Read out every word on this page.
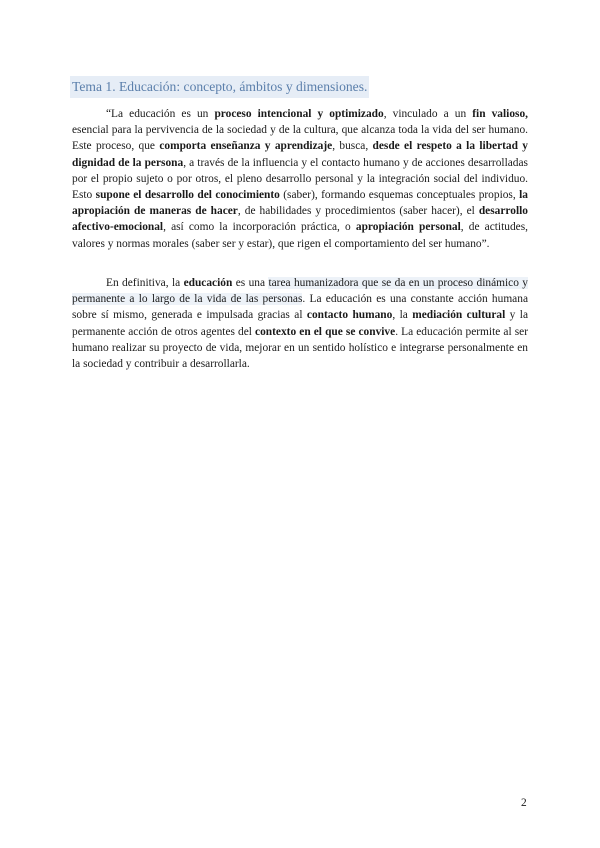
Tema 1. Educación: concepto, ámbitos y dimensiones.

“La educación es un proceso intencional y optimizado, vinculado a un fin valioso, esencial para la pervivencia de la sociedad y de la cultura, que alcanza toda la vida del ser humano. Este proceso, que comporta enseñanza y aprendizaje, busca, desde el respeto a la libertad y dignidad de la persona, a través de la influencia y el contacto humano y de acciones desarrolladas por el propio sujeto o por otros, el pleno desarrollo personal y la integración social del individuo. Esto supone el desarrollo del conocimiento (saber), formando esquemas conceptuales propios, la apropiación de maneras de hacer, de habilidades y procedimientos (saber hacer), el desarrollo afectivo-emocional, así como la incorporación práctica, o apropiación personal, de actitudes, valores y normas morales (saber ser y estar), que rigen el comportamiento del ser humano”.

En definitiva, la educación es una tarea humanizadora que se da en un proceso dinámico y permanente a lo largo de la vida de las personas. La educación es una constante acción humana sobre sí mismo, generada e impulsada gracias al contacto humano, la mediación cultural y la permanente acción de otros agentes del contexto en el que se convive. La educación permite al ser humano realizar su proyecto de vida, mejorar en un sentido holístico e integrarse personalmente en la sociedad y contribuir a desarrollarla.

2
